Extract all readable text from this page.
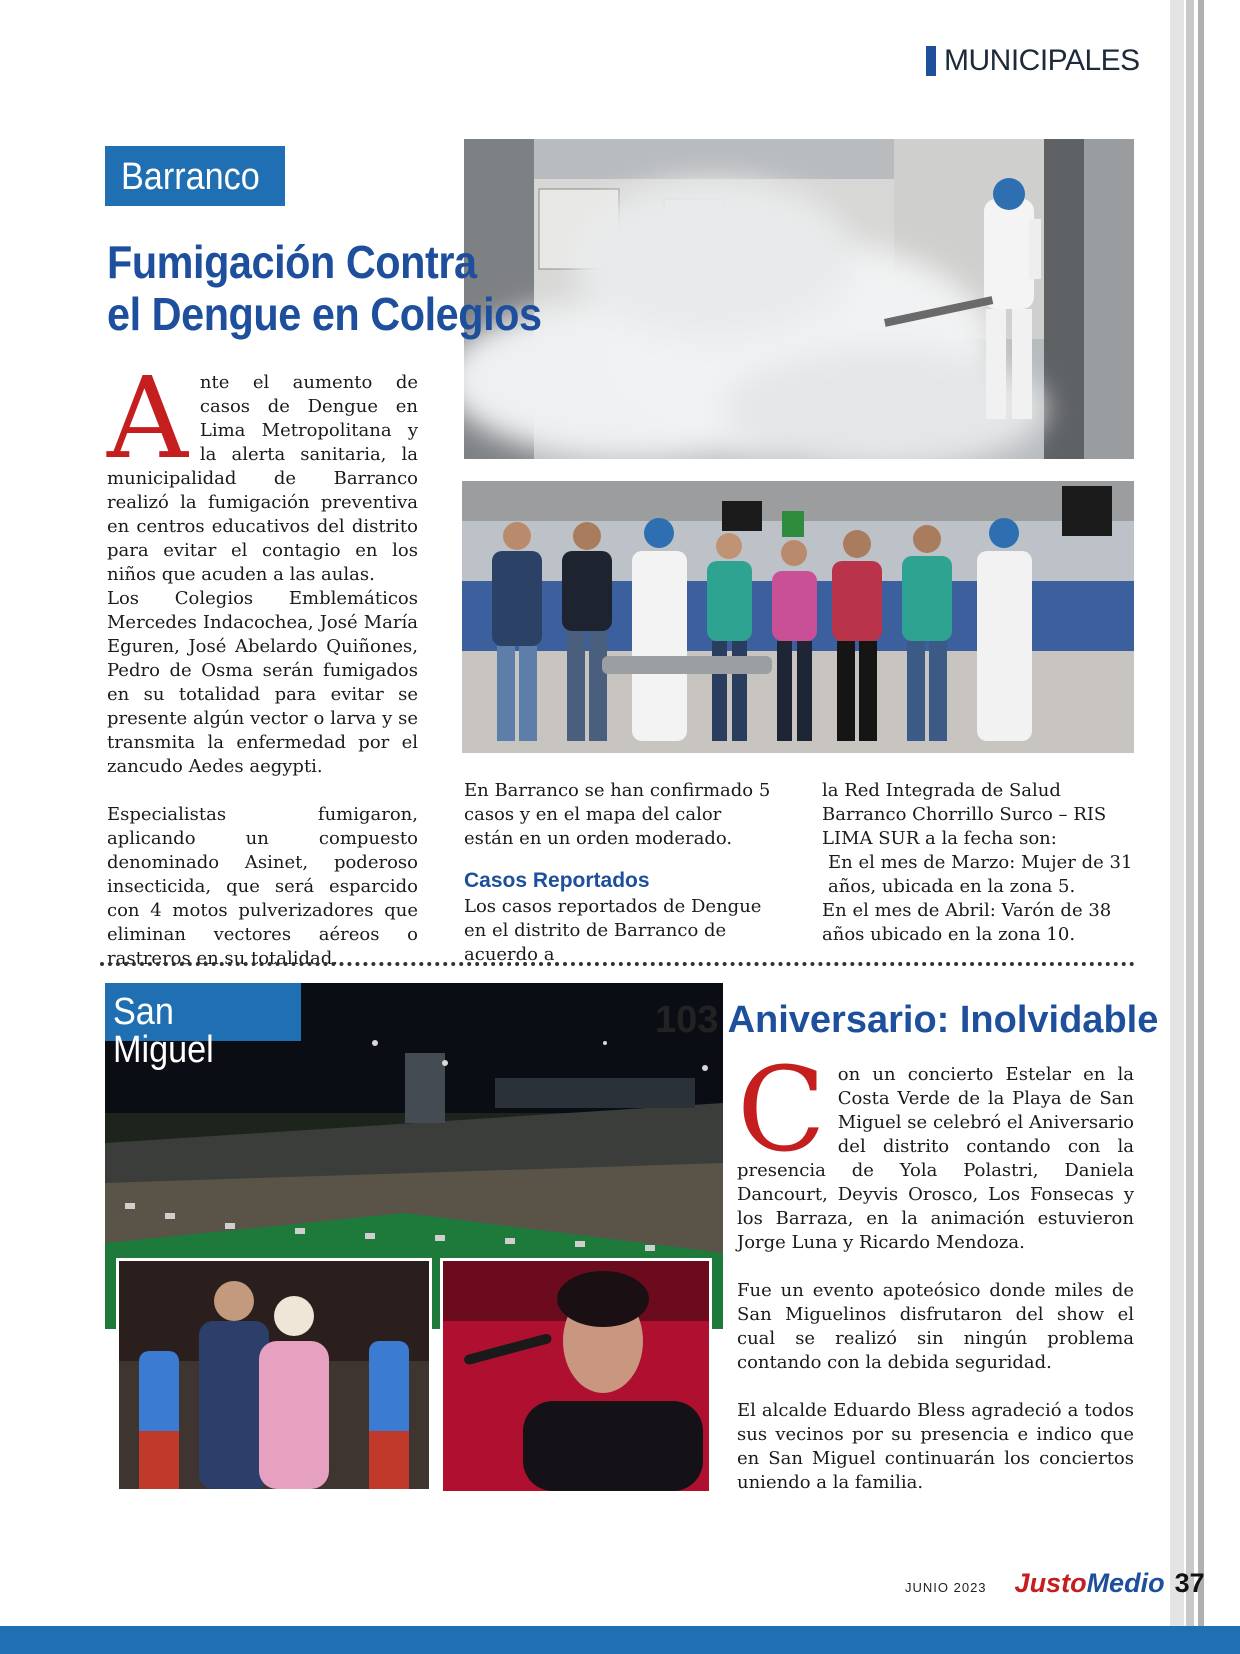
MUNICIPALES
Barranco
Fumigación Contra
el Dengue en Colegios
A nte el aumento de casos de Dengue en Lima Metropolitana y la alerta sanitaria, la municipalidad de Barranco realizó la fumigación preventiva en centros educativos del distrito para evitar el contagio en los niños que acuden a las aulas.

Los Colegios Emblemáticos Mercedes Indacochea, José María Eguren, José Abelardo Quiñones, Pedro de Osma serán fumigados en su totalidad para evitar se presente algún vector o larva y se transmita la enfermedad por el zancudo Aedes aegypti.

Especialistas fumigaron, aplicando un compuesto denominado Asinet, poderoso insecticida, que será esparcido con 4 motos pulverizadores que eliminan vectores aéreos o rastreros en su totalidad.

En Barranco se han confirmado 5 casos y en el mapa del calor están en un orden moderado.

Casos Reportados

Los casos reportados de Dengue en el distrito de Barranco de acuerdo a

la Red Integrada de Salud Barranco Chorrillo Surco – RIS LIMA SUR a la fecha son:

En el mes de Marzo: Mujer de 31 años, ubicada en la zona 5.

En el mes de Abril: Varón de 38 años ubicado en la zona 10.

San Miguel
103 Aniversario: Inolvidable
C on un concierto Estelar en la Costa Verde de la Playa de San Miguel se celebró el Aniversario del distrito contando con la presencia de Yola Polastri, Daniela Dancourt, Deyvis Orosco, Los Fonsecas y los Barraza, en la animación estuvieron Jorge Luna y Ricardo Mendoza.

Fue un evento apoteósico donde miles de San Miguelinos disfrutaron del show el cual se realizó sin ningún problema contando con la debida seguridad.

El alcalde Eduardo Bless agradeció a todos sus vecinos por su presencia e indico que en San Miguel continuarán los conciertos uniendo a la familia.

JUNIO 2023 Justo Medio 37
